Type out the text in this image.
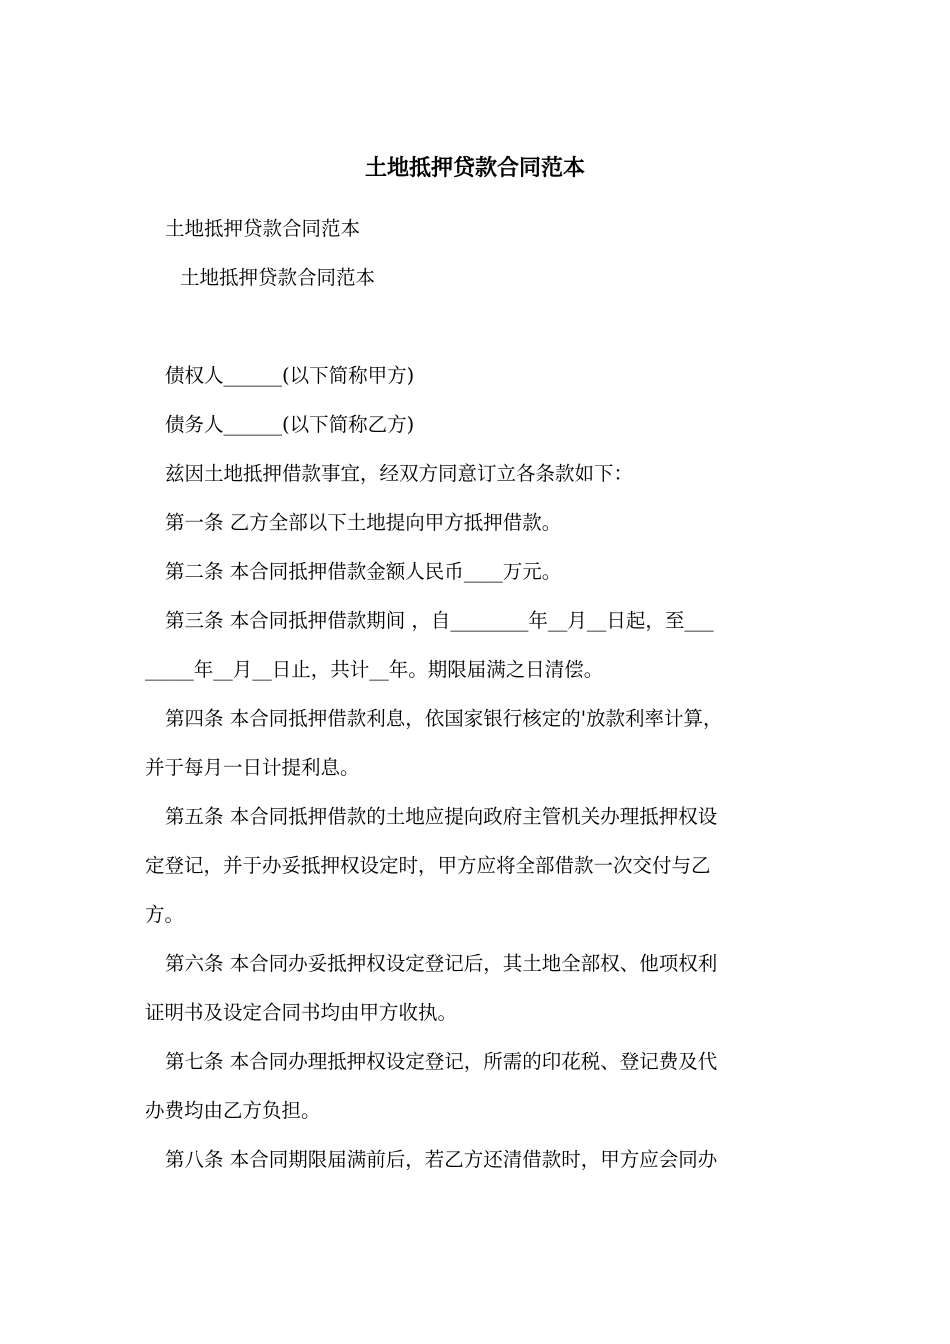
土地抵押贷款合同范本

土地抵押贷款合同范本

土地抵押贷款合同范本

债权人______(以下简称甲方)

债务人______(以下简称乙方)

兹因土地抵押借款事宜，经双方同意订立各条款如下：

第一条 乙方全部以下土地提向甲方抵押借款。

第二条 本合同抵押借款金额人民币____万元。

第三条 本合同抵押借款期间 ，自________年__月__日起，至___

_____年__月__日止，共计__年。期限届满之日清偿。

第四条 本合同抵押借款利息，依国家银行核定的'放款利率计算，

并于每月一日计提利息。

第五条 本合同抵押借款的土地应提向政府主管机关办理抵押权设

定登记，并于办妥抵押权设定时，甲方应将全部借款一次交付与乙

方。

第六条 本合同办妥抵押权设定登记后，其土地全部权、他项权利

证明书及设定合同书均由甲方收执。

第七条 本合同办理抵押权设定登记，所需的印花税、登记费及代

办费均由乙方负担。

第八条 本合同期限届满前后，若乙方还清借款时，甲方应会同办
